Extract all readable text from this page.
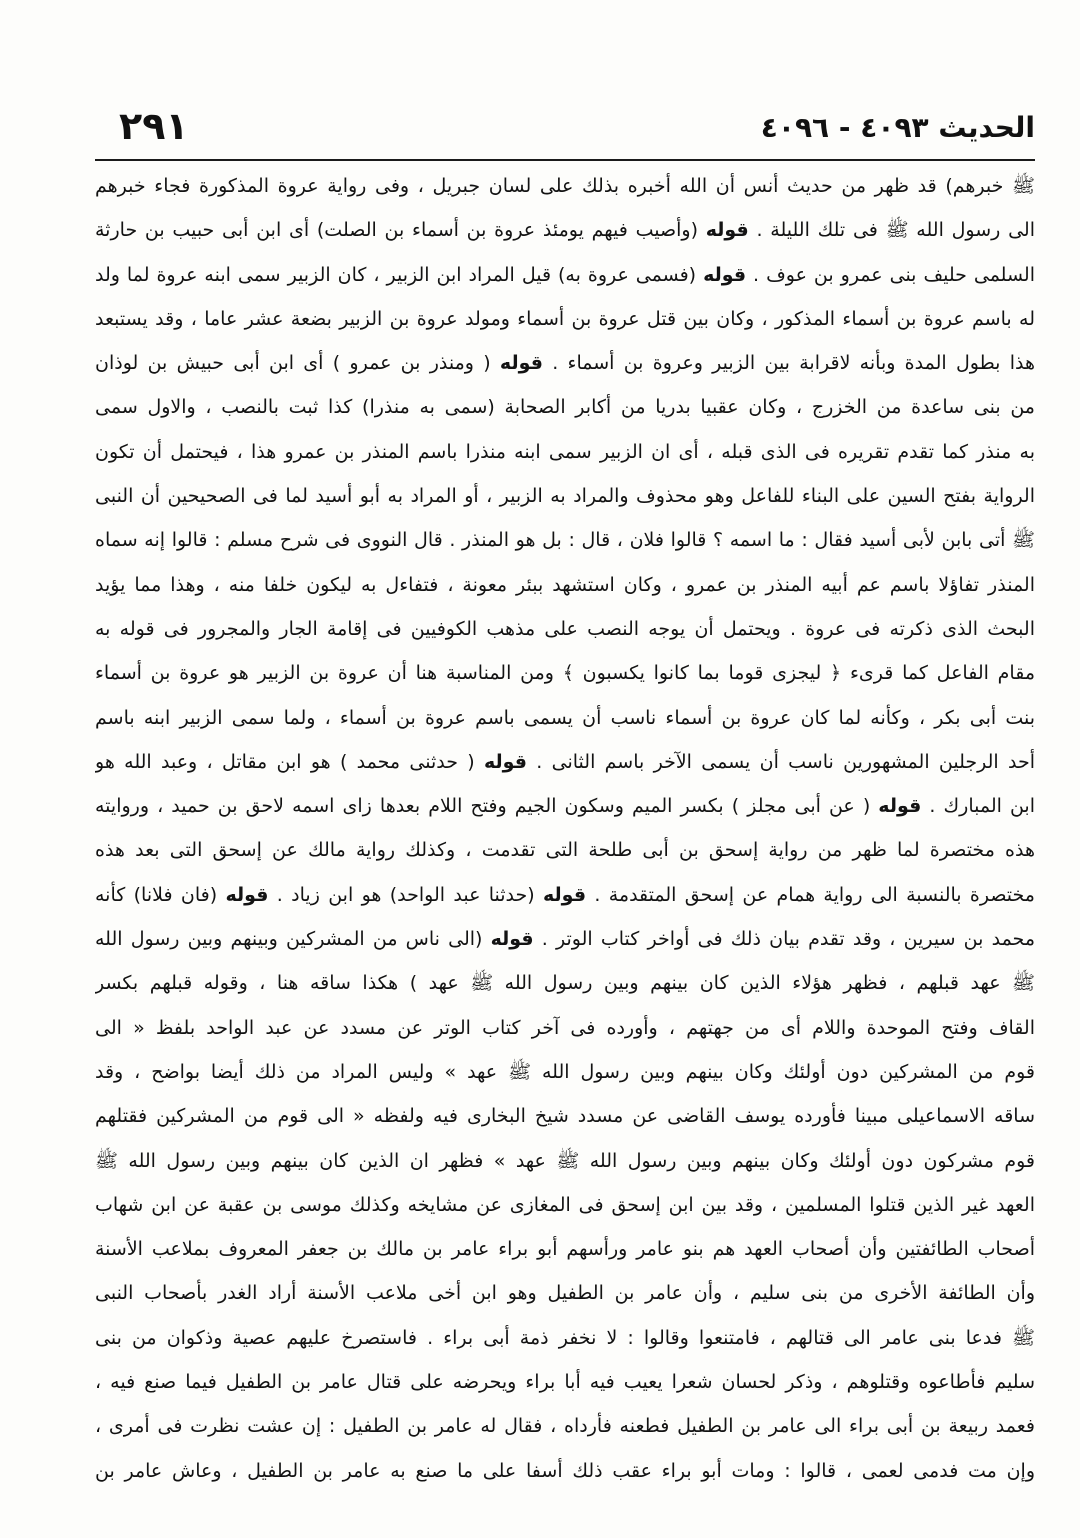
الحديث ٤٠٩٣ - ٤٠٩٦
٢٩١
ﷺ خبرهم) قد ظهر من حديث أنس أن الله أخبره بذلك على لسان جبريل ، وفى رواية عروة المذكورة فجاء خبرهم
الى رسول الله ﷺ فى تلك الليلة . قوله (وأصيب فيهم يومئذ عروة بن أسماء بن الصلت) أى ابن أبى حبيب بن حارثة
السلمى حليف بنى عمرو بن عوف . قوله (فسمى عروة به) قيل المراد ابن الزبير ، كان الزبير سمى ابنه عروة لما ولد
له باسم عروة بن أسماء المذكور ، وكان بين قتل عروة بن أسماء ومولد عروة بن الزبير بضعة عشر عاما ، وقد يستبعد
هذا بطول المدة وبأنه لاقرابة بين الزبير وعروة بن أسماء . قوله ( ومنذر بن عمرو ) أى ابن أبى حبيش بن لوذان
من بنى ساعدة من الخزرج ، وكان عقبيا بدريا من أكابر الصحابة (سمى به منذرا) كذا ثبت بالنصب ، والاول سمى
به منذر كما تقدم تقريره فى الذى قبله ، أى ان الزبير سمى ابنه منذرا باسم المنذر بن عمرو هذا ، فيحتمل أن تكون
الرواية بفتح السين على البناء للفاعل وهو محذوف والمراد به الزبير ، أو المراد به أبو أسيد لما فى الصحيحين أن النبى
ﷺ أتى بابن لأبى أسيد فقال : ما اسمه ؟ قالوا فلان ، قال : بل هو المنذر . قال النووى فى شرح مسلم : قالوا إنه سماه
المنذر تفاؤلا باسم عم أبيه المنذر بن عمرو ، وكان استشهد ببئر معونة ، فتفاءل به ليكون خلفا منه ، وهذا مما يؤيد
البحث الذى ذكرته فى عروة . ويحتمل أن يوجه النصب على مذهب الكوفيين فى إقامة الجار والمجرور فى قوله به
مقام الفاعل كما قرىء ﴿ ليجزى قوما بما كانوا يكسبون ﴾ ومن المناسبة هنا أن عروة بن الزبير هو عروة بن أسماء
بنت أبى بكر ، وكأنه لما كان عروة بن أسماء ناسب أن يسمى باسم عروة بن أسماء ، ولما سمى الزبير ابنه باسم
أحد الرجلين المشهورين ناسب أن يسمى الآخر باسم الثانى . قوله ( حدثنى محمد ) هو ابن مقاتل ، وعبد الله هو
ابن المبارك . قوله ( عن أبى مجلز ) بكسر الميم وسكون الجيم وفتح اللام بعدها زاى اسمه لاحق بن حميد ، وروايته
هذه مختصرة لما ظهر من رواية إسحق بن أبى طلحة التى تقدمت ، وكذلك رواية مالك عن إسحق التى بعد هذه
مختصرة بالنسبة الى رواية همام عن إسحق المتقدمة . قوله (حدثنا عبد الواحد) هو ابن زياد . قوله (فان فلانا) كأنه
محمد بن سيرين ، وقد تقدم بيان ذلك فى أواخر كتاب الوتر . قوله (الى ناس من المشركين وبينهم وبين رسول الله
ﷺ عهد قبلهم ، فظهر هؤلاء الذين كان بينهم وبين رسول الله ﷺ عهد ) هكذا ساقه هنا ، وقوله قبلهم بكسر
القاف وفتح الموحدة واللام أى من جهتهم ، وأورده فى آخر كتاب الوتر عن مسدد عن عبد الواحد بلفظ « الى
قوم من المشركين دون أولئك وكان بينهم وبين رسول الله ﷺ عهد » وليس المراد من ذلك أيضا بواضح ، وقد
ساقه الاسماعيلى مبينا فأورده يوسف القاضى عن مسدد شيخ البخارى فيه ولفظه « الى قوم من المشركين فقتلهم
قوم مشركون دون أولئك وكان بينهم وبين رسول الله ﷺ عهد » فظهر ان الذين كان بينهم وبين رسول الله ﷺ
العهد غير الذين قتلوا المسلمين ، وقد بين ابن إسحق فى المغازى عن مشايخه وكذلك موسى بن عقبة عن ابن شهاب
أصحاب الطائفتين وأن أصحاب العهد هم بنو عامر ورأسهم أبو براء عامر بن مالك بن جعفر المعروف بملاعب الأسنة
وأن الطائفة الأخرى من بنى سليم ، وأن عامر بن الطفيل وهو ابن أخى ملاعب الأسنة أراد الغدر بأصحاب النبى
ﷺ فدعا بنى عامر الى قتالهم ، فامتنعوا وقالوا : لا نخفر ذمة أبى براء . فاستصرخ عليهم عصية وذكوان من بنى
سليم فأطاعوه وقتلوهم ، وذكر لحسان شعرا يعيب فيه أبا براء ويحرضه على قتال عامر بن الطفيل فيما صنع فيه ،
فعمد ربيعة بن أبى براء الى عامر بن الطفيل فطعنه فأرداه ، فقال له عامر بن الطفيل : إن عشت نظرت فى أمرى ،
وإن مت فدمى لعمى ، قالوا : ومات أبو براء عقب ذلك أسفا على ما صنع به عامر بن الطفيل ، وعاش عامر بن
